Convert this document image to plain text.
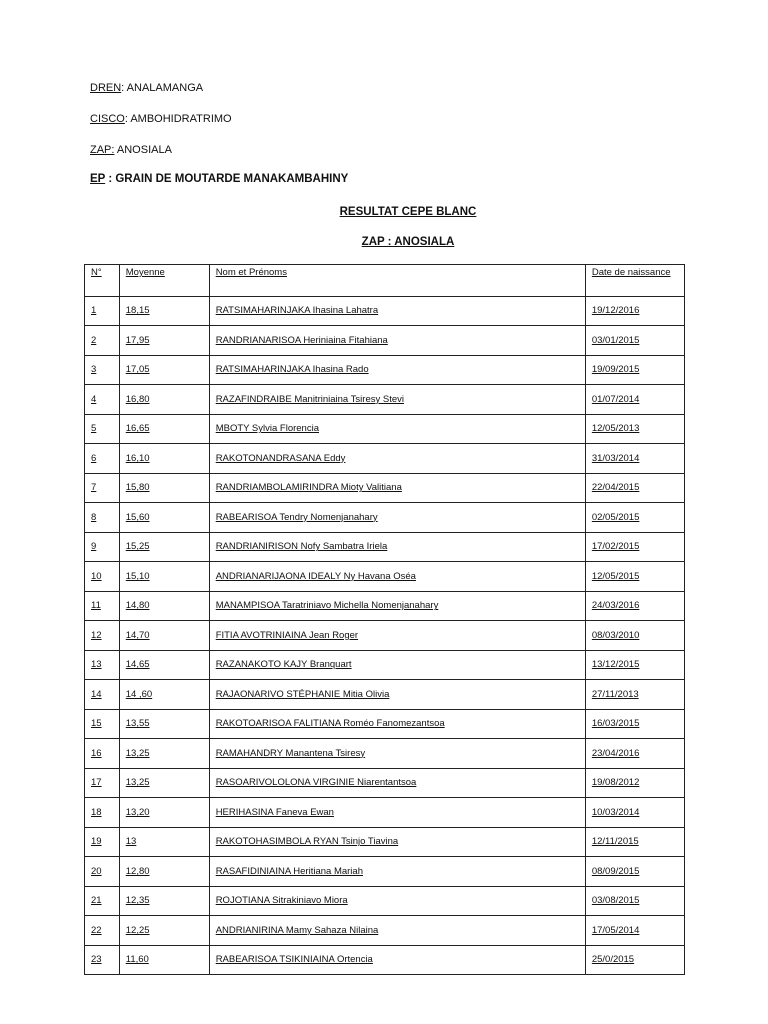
DREN: ANALAMANGA
CISCO: AMBOHIDRATRIMO
ZAP: ANOSIALA
EP : GRAIN DE MOUTARDE MANAKAMBAHINY
RESULTAT CEPE BLANC
ZAP : ANOSIALA
N°	Moyenne	Nom et Prénoms	Date de naissance
1	18,15	RATSIMAHARINJAKA Ihasina Lahatra	19/12/2016
2	17,95	RANDRIANARISOA Heriniaina Fitahiana	03/01/2015
3	17,05	RATSIMAHARINJAKA Ihasina Rado	19/09/2015
4	16,80	RAZAFINDRAIBE Manitriniaina Tsiresy Stevi	01/07/2014
5	16,65	MBOTY Sylvia Florencia	12/05/2013
6	16,10	RAKOTONANDRASANA Eddy	31/03/2014
7	15,80	RANDRIAMBOLAMIRINDRA Mioty Valitiana	22/04/2015
8	15,60	RABEARISOA Tendry Nomenjanahary	02/05/2015
9	15,25	RANDRIANIRISON Nofy Sambatra Iriela	17/02/2015
10	15,10	ANDRIANARIJAONA IDEALY Ny Havana Oséa	12/05/2015
11	14,80	MANAMPISOA Taratriniavo Michella Nomenjanahary	24/03/2016
12	14,70	FITIA AVOTRINIAINA Jean Roger	08/03/2010
13	14,65	RAZANAKOTO KAJY Branquart	13/12/2015
14	14 ,60	RAJAONARIVO STÉPHANIE Mitia Olivia	27/11/2013
15	13,55	RAKOTOARISOA FALITIANA Roméo Fanomezantsoa	16/03/2015
16	13,25	RAMAHANDRY Manantena Tsiresy	23/04/2016
17	13,25	RASOARIVOLOLONA VIRGINIE Niarentantsoa	19/08/2012
18	13,20	HERIHASINA Faneva Ewan	10/03/2014
19	13	RAKOTOHASIMBOLA RYAN Tsinjo Tiavina	12/11/2015
20	12,80	RASAFIDINIAINA Heritiana Mariah	08/09/2015
21	12,35	ROJOTIANA Sitrakiniavo Miora	03/08/2015
22	12,25	ANDRIANIRINA Mamy Sahaza Nilaina	17/05/2014
23	11,60	RABEARISOA TSIKINIAINA Ortencia	25/0/2015
